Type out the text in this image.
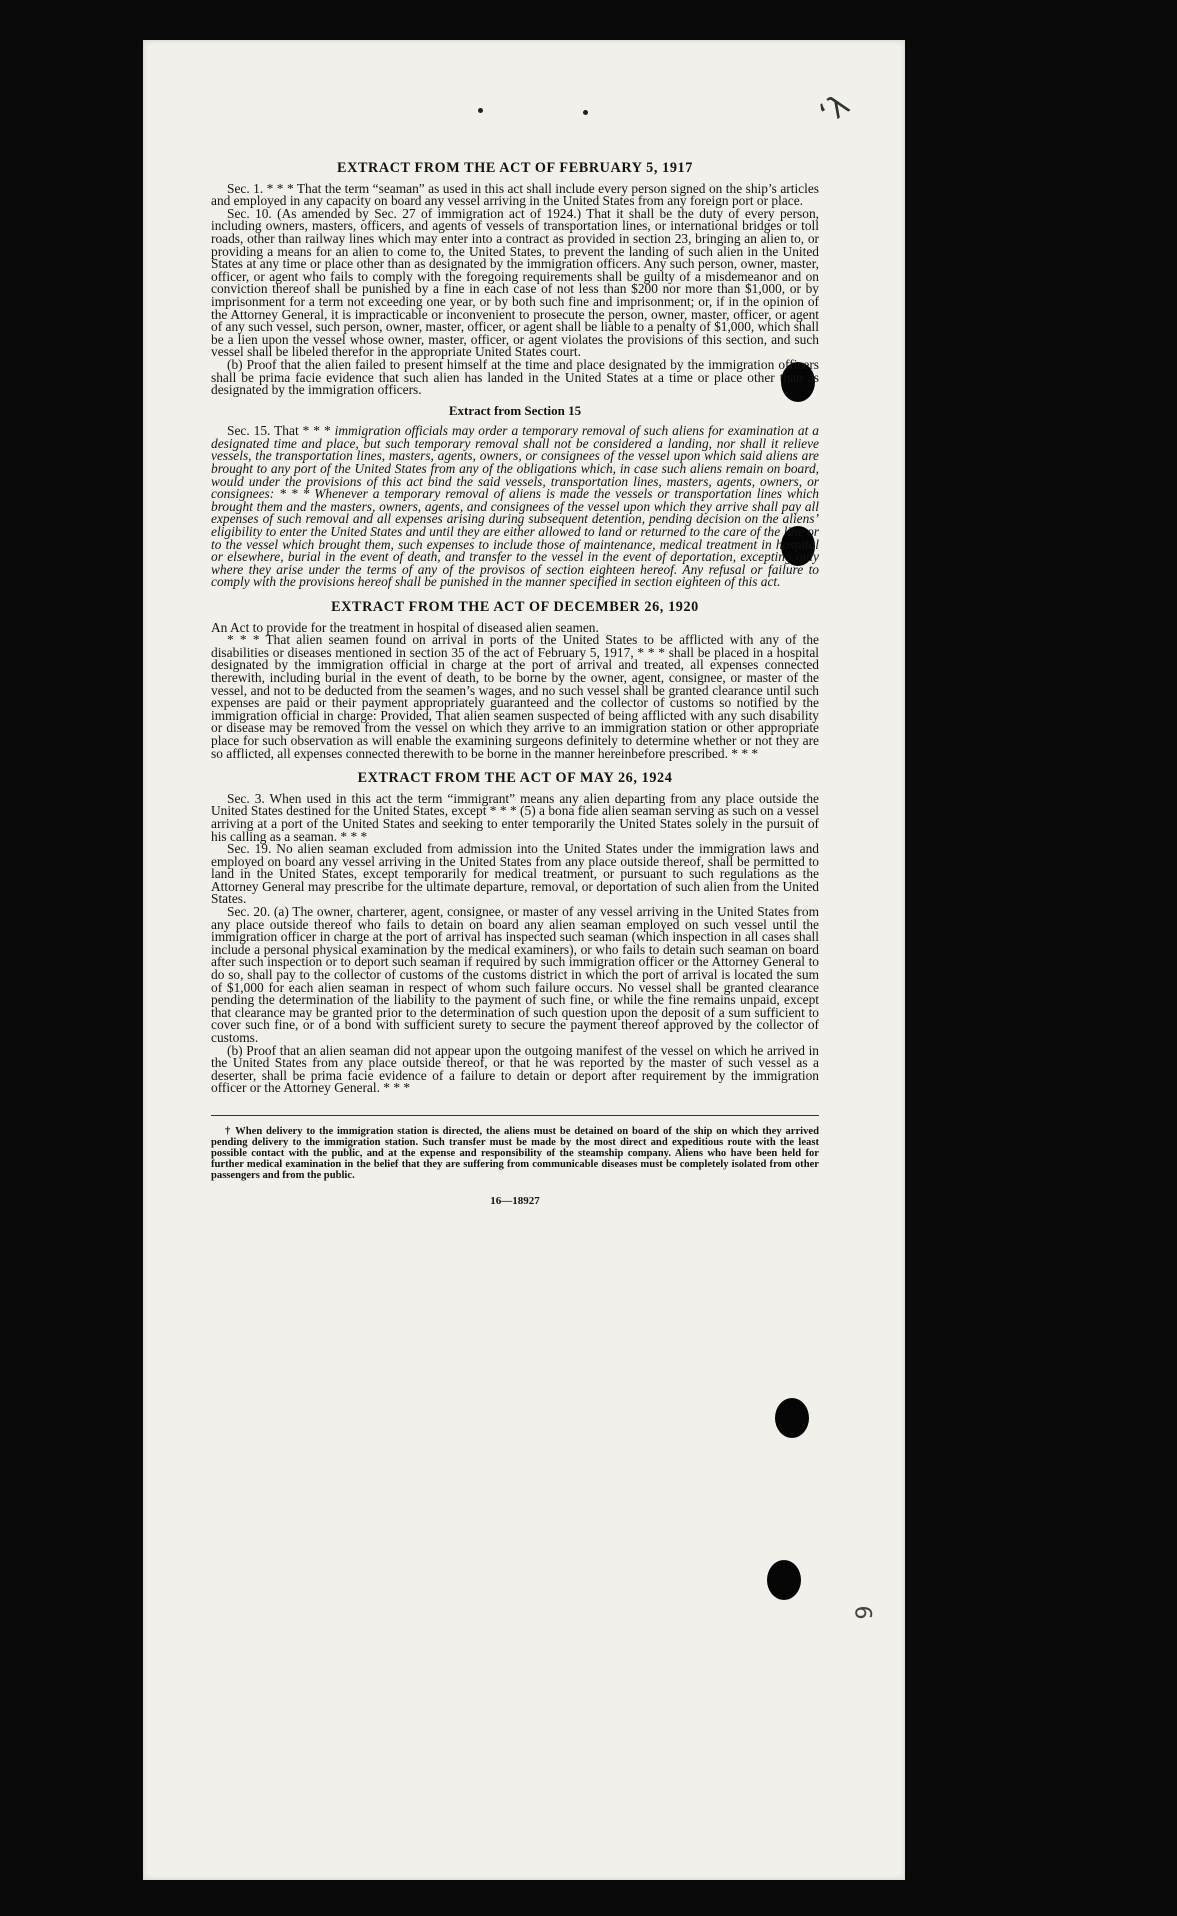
‘λ
6
EXTRACT FROM THE ACT OF FEBRUARY 5, 1917

Sec. 1. * * * That the term “seaman” as used in this act shall include every person signed on the ship’s articles and employed in any capacity on board any vessel arriving in the United States from any foreign port or place.

Sec. 10. (As amended by Sec. 27 of immigration act of 1924.) That it shall be the duty of every person, including owners, masters, officers, and agents of vessels of transportation lines, or international bridges or toll roads, other than railway lines which may enter into a contract as provided in section 23, bringing an alien to, or providing a means for an alien to come to, the United States, to prevent the landing of such alien in the United States at any time or place other than as designated by the immigration officers. Any such person, owner, master, officer, or agent who fails to comply with the foregoing requirements shall be guilty of a misdemeanor and on conviction thereof shall be punished by a fine in each case of not less than $200 nor more than $1,000, or by imprisonment for a term not exceeding one year, or by both such fine and imprisonment; or, if in the opinion of the Attorney General, it is impracticable or inconvenient to prosecute the person, owner, master, officer, or agent of any such vessel, such person, owner, master, officer, or agent shall be liable to a penalty of $1,000, which shall be a lien upon the vessel whose owner, master, officer, or agent violates the provisions of this section, and such vessel shall be libeled therefor in the appropriate United States court.

(b) Proof that the alien failed to present himself at the time and place designated by the immigration officers shall be prima facie evidence that such alien has landed in the United States at a time or place other than as designated by the immigration officers.

Extract from Section 15

Sec. 15. That * * * immigration officials may order a temporary removal of such aliens for examination at a designated time and place, but such temporary removal shall not be considered a landing, nor shall it relieve vessels, the transportation lines, masters, agents, owners, or consignees of the vessel upon which said aliens are brought to any port of the United States from any of the obligations which, in case such aliens remain on board, would under the provisions of this act bind the said vessels, transportation lines, masters, agents, owners, or consignees: * * * Whenever a temporary removal of aliens is made the vessels or transportation lines which brought them and the masters, owners, agents, and consignees of the vessel upon which they arrive shall pay all expenses of such removal and all expenses arising during subsequent detention, pending decision on the aliens’ eligibility to enter the United States and until they are either allowed to land or returned to the care of the line or to the vessel which brought them, such expenses to include those of maintenance, medical treatment in hospital or elsewhere, burial in the event of death, and transfer to the vessel in the event of deportation, excepting only where they arise under the terms of any of the provisos of section eighteen hereof. Any refusal or failure to comply with the provisions hereof shall be punished in the manner specified in section eighteen of this act.

EXTRACT FROM THE ACT OF DECEMBER 26, 1920

An Act to provide for the treatment in hospital of diseased alien seamen.

* * * That alien seamen found on arrival in ports of the United States to be afflicted with any of the disabilities or diseases mentioned in section 35 of the act of February 5, 1917, * * * shall be placed in a hospital designated by the immigration official in charge at the port of arrival and treated, all expenses connected therewith, including burial in the event of death, to be borne by the owner, agent, consignee, or master of the vessel, and not to be deducted from the seamen’s wages, and no such vessel shall be granted clearance until such expenses are paid or their payment appropriately guaranteed and the collector of customs so notified by the immigration official in charge: Provided, That alien seamen suspected of being afflicted with any such disability or disease may be removed from the vessel on which they arrive to an immigration station or other appropriate place for such observation as will enable the examining surgeons definitely to determine whether or not they are so afflicted, all expenses connected therewith to be borne in the manner hereinbefore prescribed. * * *

EXTRACT FROM THE ACT OF MAY 26, 1924

Sec. 3. When used in this act the term “immigrant” means any alien departing from any place outside the United States destined for the United States, except * * * (5) a bona fide alien seaman serving as such on a vessel arriving at a port of the United States and seeking to enter temporarily the United States solely in the pursuit of his calling as a seaman. * * *

Sec. 19. No alien seaman excluded from admission into the United States under the immigration laws and employed on board any vessel arriving in the United States from any place outside thereof, shall be permitted to land in the United States, except temporarily for medical treatment, or pursuant to such regulations as the Attorney General may prescribe for the ultimate departure, removal, or deportation of such alien from the United States.

Sec. 20. (a) The owner, charterer, agent, consignee, or master of any vessel arriving in the United States from any place outside thereof who fails to detain on board any alien seaman employed on such vessel until the immigration officer in charge at the port of arrival has inspected such seaman (which inspection in all cases shall include a personal physical examination by the medical examiners), or who fails to detain such seaman on board after such inspection or to deport such seaman if required by such immigration officer or the Attorney General to do so, shall pay to the collector of customs of the customs district in which the port of arrival is located the sum of $1,000 for each alien seaman in respect of whom such failure occurs. No vessel shall be granted clearance pending the determination of the liability to the payment of such fine, or while the fine remains unpaid, except that clearance may be granted prior to the determination of such question upon the deposit of a sum sufficient to cover such fine, or of a bond with sufficient surety to secure the payment thereof approved by the collector of customs.

(b) Proof that an alien seaman did not appear upon the outgoing manifest of the vessel on which he arrived in the United States from any place outside thereof, or that he was reported by the master of such vessel as a deserter, shall be prima facie evidence of a failure to detain or deport after requirement by the immigration officer or the Attorney General. * * *

† When delivery to the immigration station is directed, the aliens must be detained on board of the ship on which they arrived pending delivery to the immigration station. Such transfer must be made by the most direct and expeditious route with the least possible contact with the public, and at the expense and responsibility of the steamship company. Aliens who have been held for further medical examination in the belief that they are suffering from communicable diseases must be completely isolated from other passengers and from the public.
16—18927
